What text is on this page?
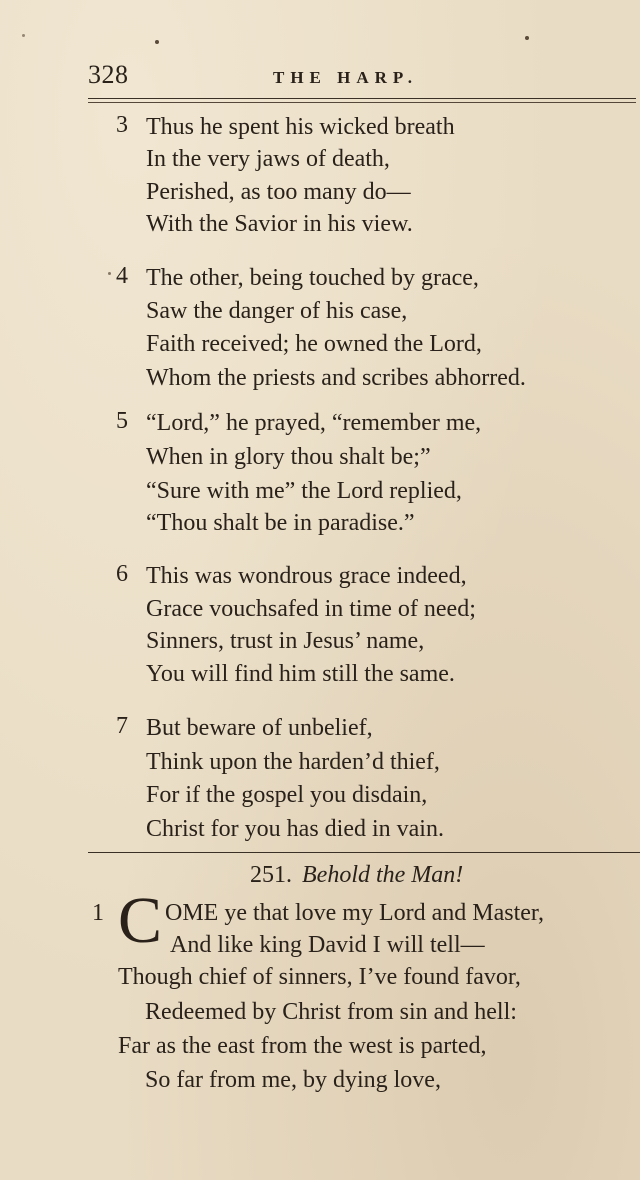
328	THE HARP.
3 Thus he spent his wicked breath
In the very jaws of death,
Perished, as too many do—
With the Savior in his view.
4 The other, being touched by grace,
Saw the danger of his case,
Faith received; he owned the Lord,
Whom the priests and scribes abhorred.
5 “Lord,” he prayed, “remember me,
When in glory thou shalt be;”
“Sure with me” the Lord replied,
“Thou shalt be in paradise.”
6 This was wondrous grace indeed,
Grace vouchsafed in time of need;
Sinners, trust in Jesus’ name,
You will find him still the same.
7 But beware of unbelief,
Think upon the harden’d thief,
For if the gospel you disdain,
Christ for you has died in vain.
251. Behold the Man!
1 C OME ye that love my Lord and Master,
And like king David I will tell—
Though chief of sinners, I’ve found favor,
Redeemed by Christ from sin and hell:
Far as the east from the west is parted,
So far from me, by dying love,
